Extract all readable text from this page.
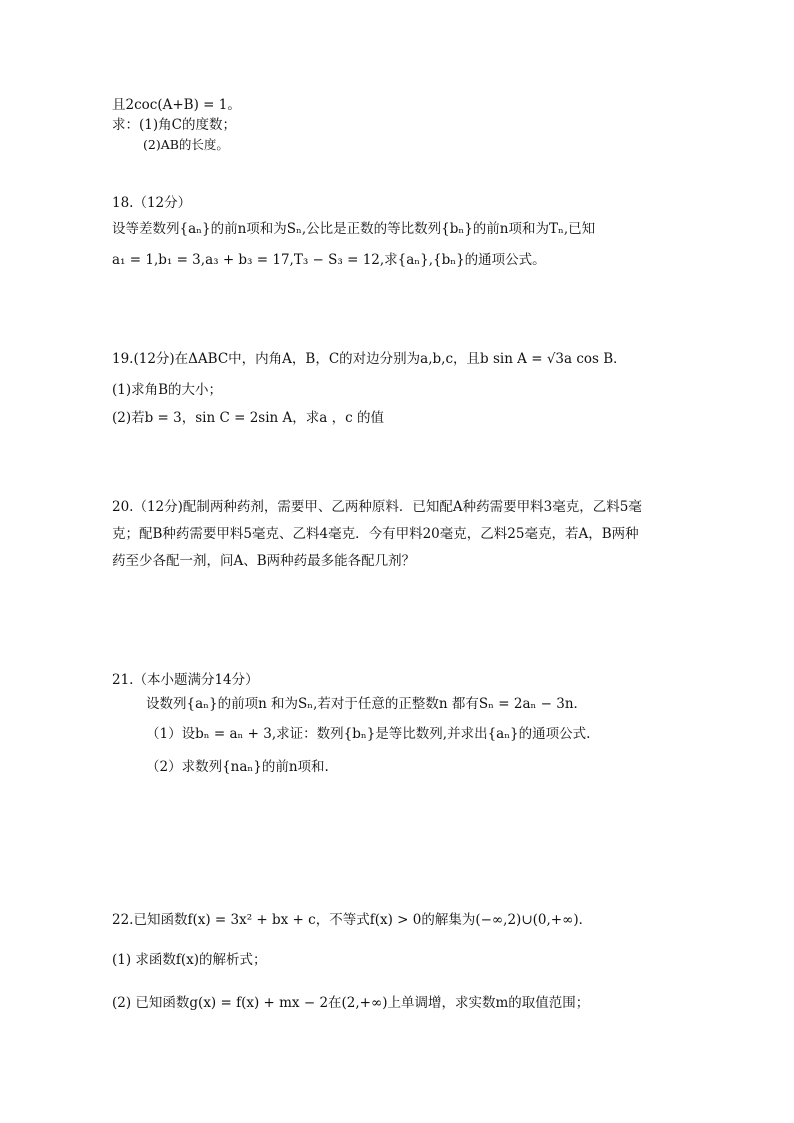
且2coc(A+B) = 1。
求：(1)角C的度数；
(2)AB的长度。
18.（12分）
设等差数列{aₙ}的前n项和为Sₙ,公比是正数的等比数列{bₙ}的前n项和为Tₙ,已知
a₁ = 1,b₁ = 3,a₃ + b₃ = 17,T₃ − S₃ = 12,求{aₙ},{bₙ}的通项公式。
19.(12分)在ΔABC中，内角A，B，C的对边分别为a,b,c，且b sin A = √3a cos B．
(1)求角B的大小；
(2)若b = 3，sin C = 2sin A，求a ，c 的值
20.（12分)配制两种药剂，需要甲、乙两种原料．已知配A种药需要甲料3毫克，乙料5毫
克；配B种药需要甲料5毫克、乙料4毫克．今有甲料20毫克，乙料25毫克，若A，B两种
药至少各配一剂，问A、B两种药最多能各配几剂？
21.（本小题满分14分）
设数列{aₙ}的前项n 和为Sₙ,若对于任意的正整数n 都有Sₙ = 2aₙ − 3n．
（1）设bₙ = aₙ + 3,求证：数列{bₙ}是等比数列,并求出{aₙ}的通项公式.
（2）求数列{naₙ}的前n项和.
22.已知函数f(x) = 3x² + bx + c，不等式f(x) > 0的解集为(−∞,2)∪(0,+∞)．
(1) 求函数f(x)的解析式；
(2) 已知函数g(x) = f(x) + mx − 2在(2,+∞)上单调增，求实数m的取值范围；
